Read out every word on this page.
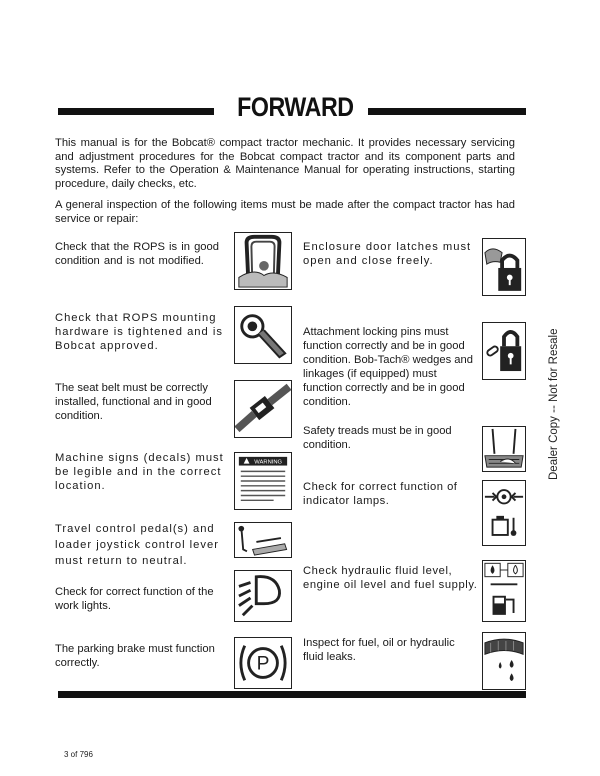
FORWARD

This manual is for the Bobcat® compact tractor mechanic. It provides necessary servicing and adjustment procedures for the Bobcat compact tractor and its component parts and systems. Refer to the Operation & Maintenance Manual for operating instructions, starting procedure, daily checks, etc.

A general inspection of the following items must be made after the compact tractor has had service or repair:

Check that the ROPS is in good condition and is not modified.
Check that ROPS mounting hardware is tightened and is Bobcat approved.
The seat belt must be correctly installed, functional and in good condition.
Machine signs (decals) must be legible and in the correct location.
WARNING
Travel control pedal(s) and loader joystick control lever must return to neutral.
Check for correct function of the work lights.
The parking brake must function correctly.	P
Enclosure door latches must open and close freely.
Attachment locking pins must function correctly and be in good condition. Bob-Tach® wedges and linkages (if equipped) must function correctly and be in good condition.
Safety treads must be in good condition.
Check for correct function of indicator lamps.
Check hydraulic fluid level, engine oil level and fuel supply.
Inspect for fuel, oil or hydraulic fluid leaks.
Dealer Copy -- Not for Resale
3 of 796
